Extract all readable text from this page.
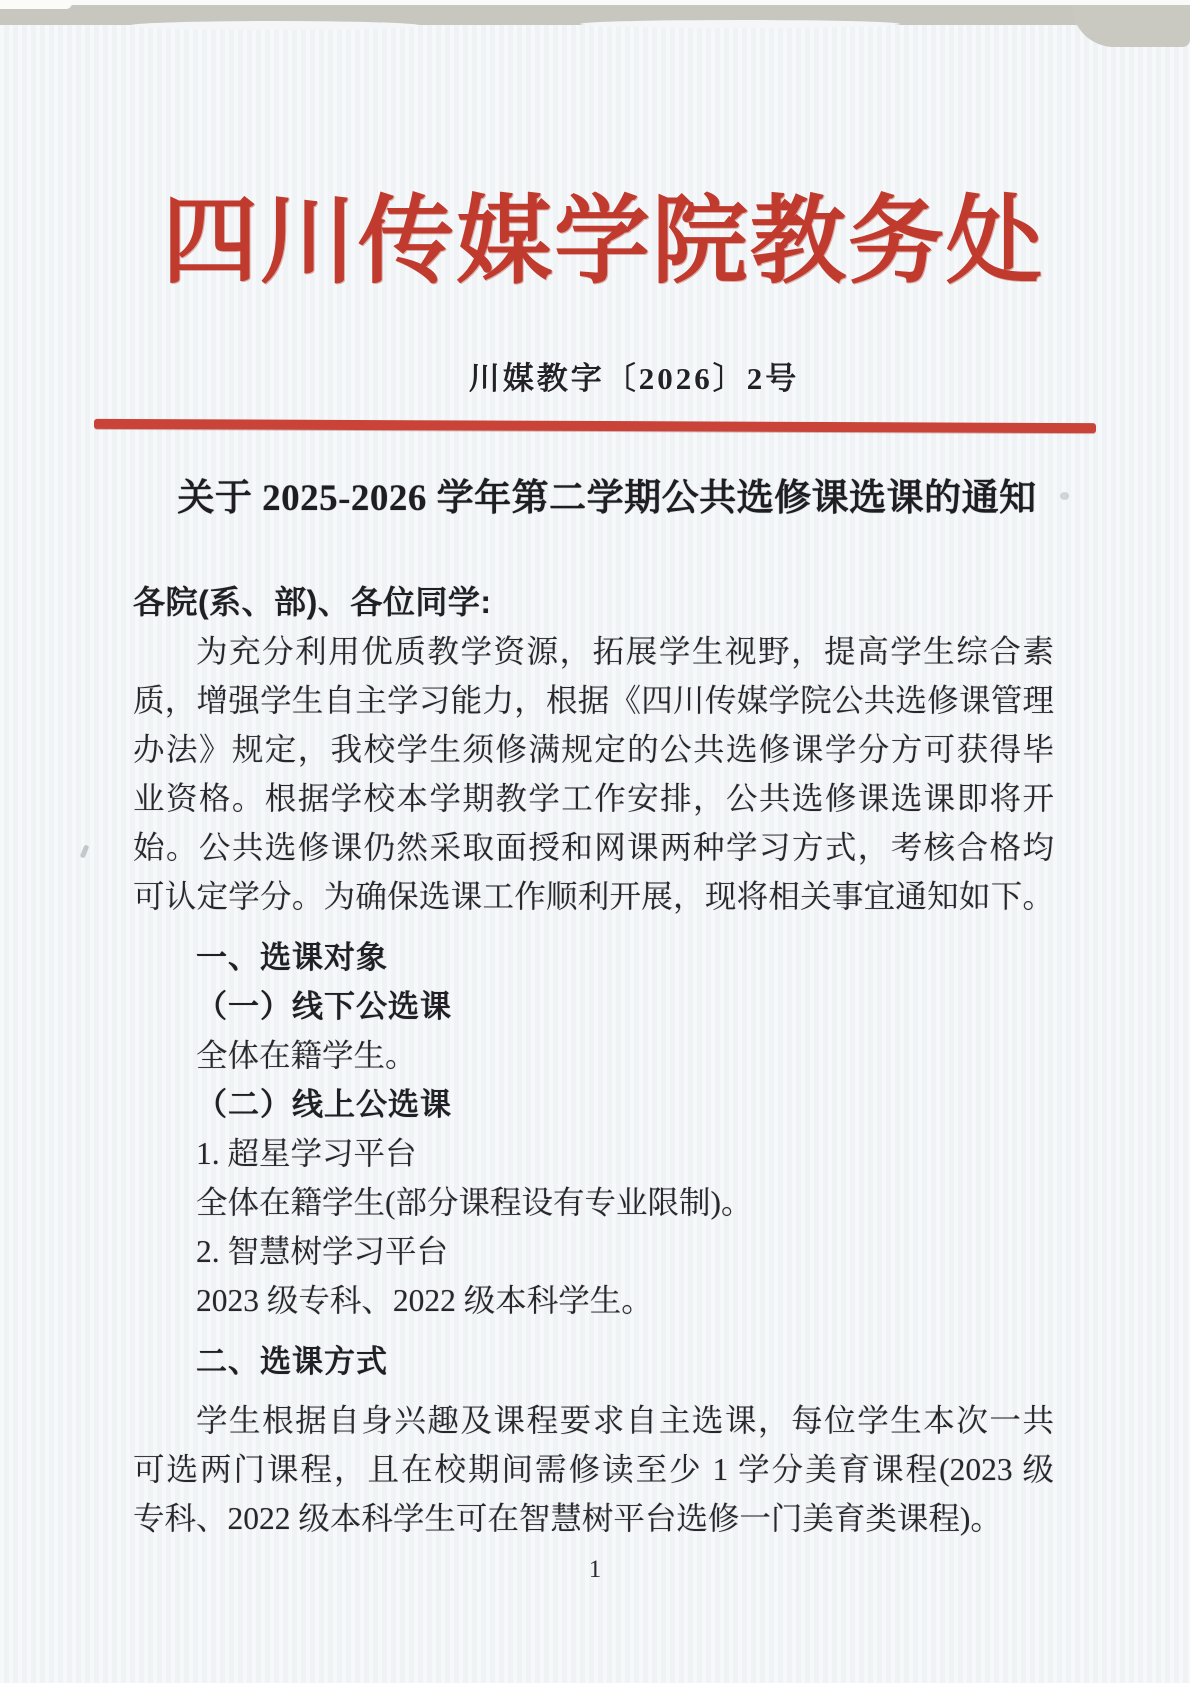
四川传媒学院教务处
川媒教字〔2026〕2号
关于 2025-2026 学年第二学期公共选修课选课的通知
各院(系、部)、各位同学:
为充分利用优质教学资源，拓展学生视野，提高学生综合素
质，增强学生自主学习能力，根据《四川传媒学院公共选修课管理
办法》规定，我校学生须修满规定的公共选修课学分方可获得毕
业资格。根据学校本学期教学工作安排，公共选修课选课即将开
始。公共选修课仍然采取面授和网课两种学习方式，考核合格均
可认定学分。为确保选课工作顺利开展，现将相关事宜通知如下。
一、选课对象
（一）线下公选课
全体在籍学生。
（二）线上公选课
1. 超星学习平台
全体在籍学生(部分课程设有专业限制)。
2. 智慧树学习平台
2023 级专科、2022 级本科学生。
二、选课方式
学生根据自身兴趣及课程要求自主选课，每位学生本次一共
可选两门课程，且在校期间需修读至少 1 学分美育课程(2023 级
专科、2022 级本科学生可在智慧树平台选修一门美育类课程)。
1
